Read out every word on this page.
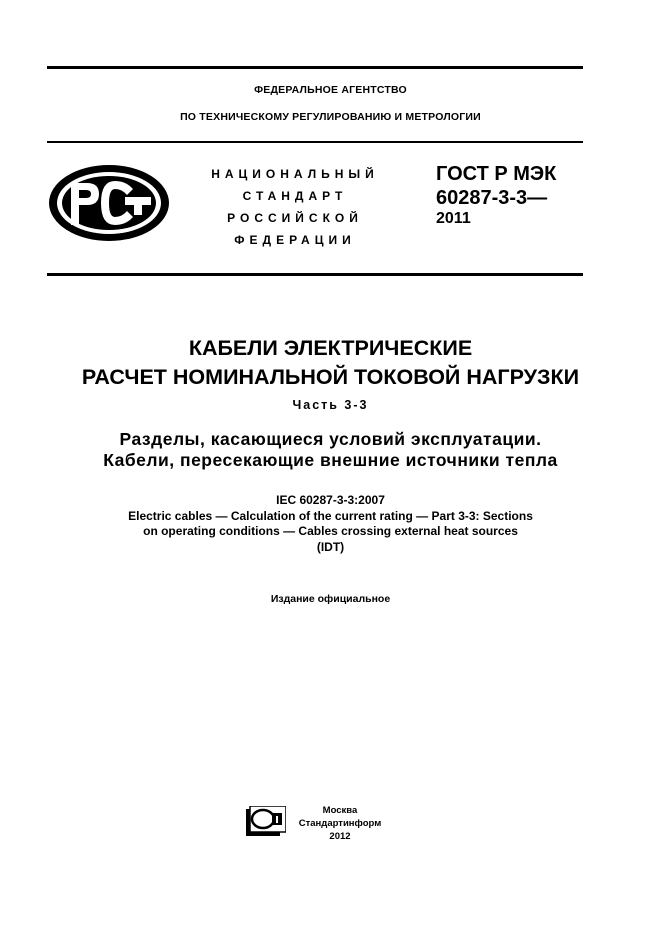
ФЕДЕРАЛЬНОЕ АГЕНТСТВО
ПО ТЕХНИЧЕСКОМУ РЕГУЛИРОВАНИЮ И МЕТРОЛОГИИ
НАЦИОНАЛЬНЫЙ
СТАНДАРТ
РОССИЙСКОЙ
ФЕДЕРАЦИИ
ГОСТ Р МЭК
60287-3-3—
2011
КАБЕЛИ ЭЛЕКТРИЧЕСКИЕ
РАСЧЕТ НОМИНАЛЬНОЙ ТОКОВОЙ НАГРУЗКИ
Часть 3-3
Разделы, касающиеся условий эксплуатации.
Кабели, пересекающие внешние источники тепла
IEC 60287-3-3:2007
Electric cables — Calculation of the current rating — Part 3-3: Sections
on operating conditions — Cables crossing external heat sources
(IDT)
Издание официальное
Москва
Стандартинформ
2012
